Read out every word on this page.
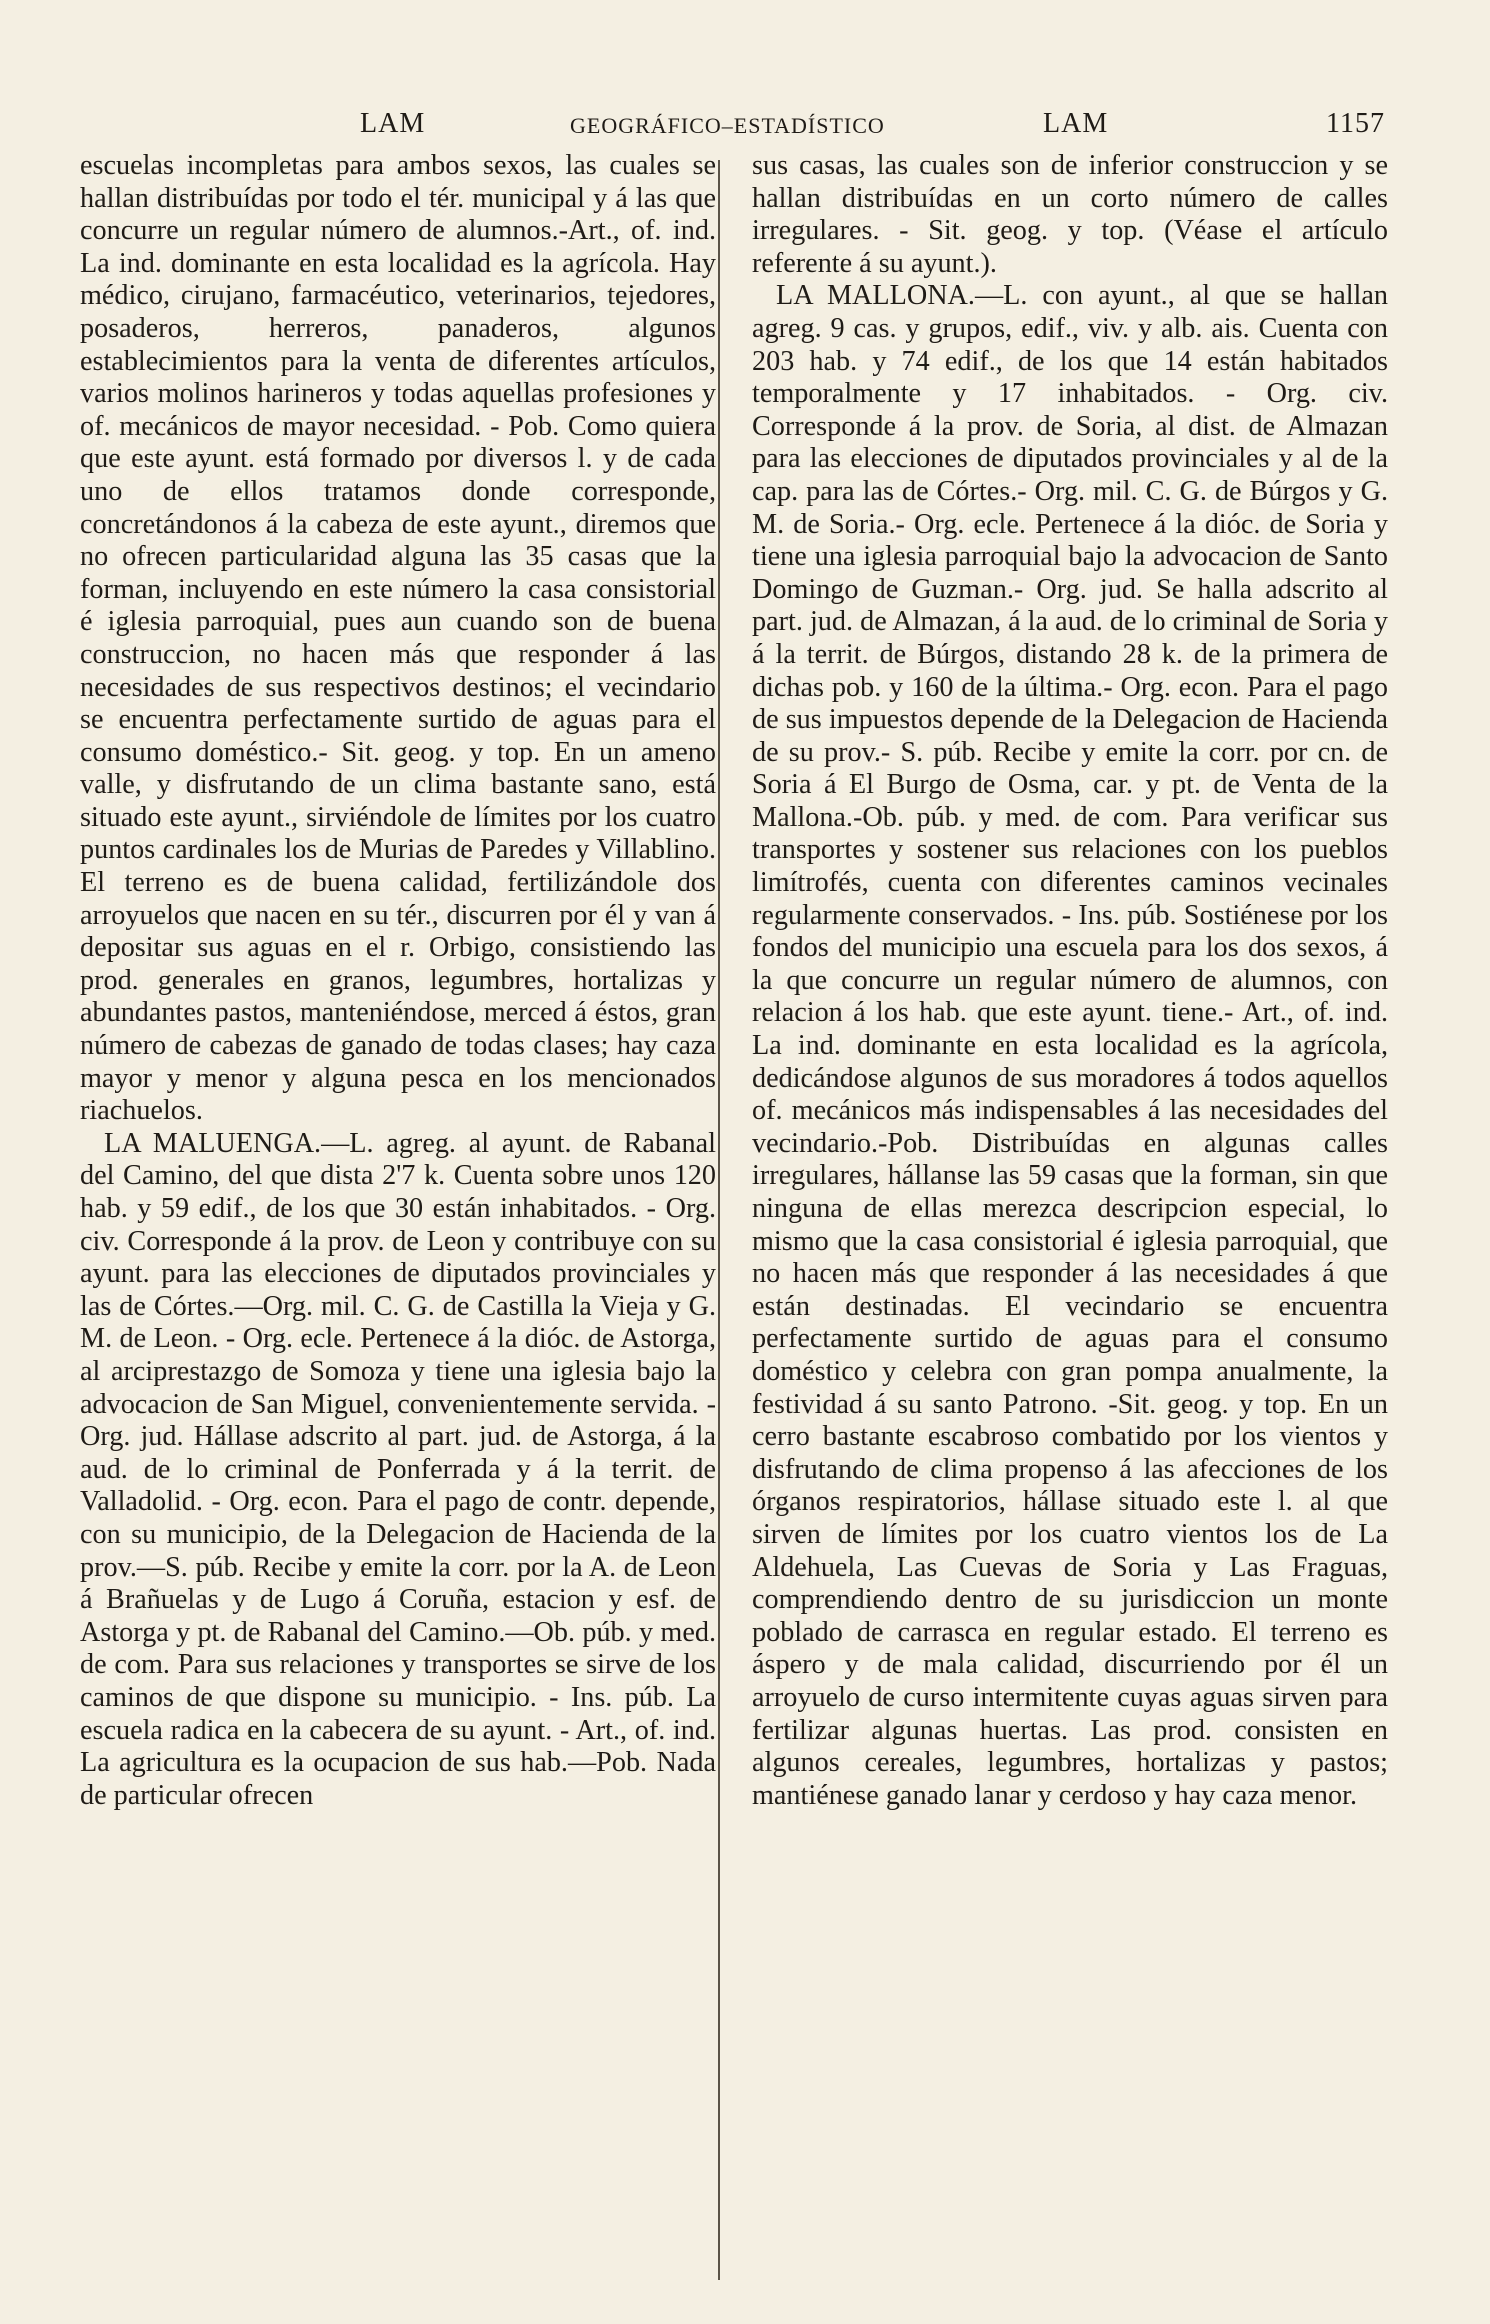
LAM	GEOGRÁFICO–ESTADÍSTICO	LAM	1157

escuelas incompletas para ambos sexos, las cuales se hallan distribuídas por todo el tér. municipal y á las que concurre un regular número de alumnos.-Art., of. ind. La ind. dominante en esta localidad es la agrícola. Hay médico, cirujano, farmacéutico, veterinarios, tejedores, posaderos, herreros, panaderos, algunos establecimientos para la venta de diferentes artículos, varios molinos harineros y todas aquellas profesiones y of. mecánicos de mayor necesidad. - Pob. Como quiera que este ayunt. está formado por diversos l. y de cada uno de ellos tratamos donde corresponde, concretándonos á la cabeza de este ayunt., diremos que no ofrecen particularidad alguna las 35 casas que la forman, incluyendo en este número la casa consistorial é iglesia parroquial, pues aun cuando son de buena construccion, no hacen más que responder á las necesidades de sus respectivos destinos; el vecindario se encuentra perfectamente surtido de aguas para el consumo doméstico.- Sit. geog. y top. En un ameno valle, y disfrutando de un clima bastante sano, está situado este ayunt., sirviéndole de límites por los cuatro puntos cardinales los de Murias de Paredes y Villablino. El terreno es de buena calidad, fertilizándole dos arroyuelos que nacen en su tér., discurren por él y van á depositar sus aguas en el r. Orbigo, consistiendo las prod. generales en granos, legumbres, hortalizas y abundantes pastos, manteniéndose, merced á éstos, gran número de cabezas de ganado de todas clases; hay caza mayor y menor y alguna pesca en los mencionados riachuelos.

LA MALUENGA.—L. agreg. al ayunt. de Rabanal del Camino, del que dista 2'7 k. Cuenta sobre unos 120 hab. y 59 edif., de los que 30 están inhabitados. - Org. civ. Corresponde á la prov. de Leon y contribuye con su ayunt. para las elecciones de diputados provinciales y las de Córtes.—Org. mil. C. G. de Castilla la Vieja y G. M. de Leon. - Org. ecle. Pertenece á la dióc. de Astorga, al arciprestazgo de Somoza y tiene una iglesia bajo la advocacion de San Miguel, convenientemente servida. - Org. jud. Hállase adscrito al part. jud. de Astorga, á la aud. de lo criminal de Ponferrada y á la territ. de Valladolid. - Org. econ. Para el pago de contr. depende, con su municipio, de la Delegacion de Hacienda de la prov.—S. púb. Recibe y emite la corr. por la A. de Leon á Brañuelas y de Lugo á Coruña, estacion y esf. de Astorga y pt. de Rabanal del Camino.—Ob. púb. y med. de com. Para sus relaciones y transportes se sirve de los caminos de que dispone su municipio. - Ins. púb. La escuela radica en la cabecera de su ayunt. - Art., of. ind. La agricultura es la ocupacion de sus hab.—Pob. Nada de particular ofrecen

sus casas, las cuales son de inferior construccion y se hallan distribuídas en un corto número de calles irregulares. - Sit. geog. y top. (Véase el artículo referente á su ayunt.).

LA MALLONA.—L. con ayunt., al que se hallan agreg. 9 cas. y grupos, edif., viv. y alb. ais. Cuenta con 203 hab. y 74 edif., de los que 14 están habitados temporalmente y 17 inhabitados. - Org. civ. Corresponde á la prov. de Soria, al dist. de Almazan para las elecciones de diputados provinciales y al de la cap. para las de Córtes.- Org. mil. C. G. de Búrgos y G. M. de Soria.- Org. ecle. Pertenece á la dióc. de Soria y tiene una iglesia parroquial bajo la advocacion de Santo Domingo de Guzman.- Org. jud. Se halla adscrito al part. jud. de Almazan, á la aud. de lo criminal de Soria y á la territ. de Búrgos, distando 28 k. de la primera de dichas pob. y 160 de la última.- Org. econ. Para el pago de sus impuestos depende de la Delegacion de Hacienda de su prov.- S. púb. Recibe y emite la corr. por cn. de Soria á El Burgo de Osma, car. y pt. de Venta de la Mallona.-Ob. púb. y med. de com. Para verificar sus transportes y sostener sus relaciones con los pueblos limítrofés, cuenta con diferentes caminos vecinales regularmente conservados. - Ins. púb. Sostiénese por los fondos del municipio una escuela para los dos sexos, á la que concurre un regular número de alumnos, con relacion á los hab. que este ayunt. tiene.- Art., of. ind. La ind. dominante en esta localidad es la agrícola, dedicándose algunos de sus moradores á todos aquellos of. mecánicos más indispensables á las necesidades del vecindario.-Pob. Distribuídas en algunas calles irregulares, hállanse las 59 casas que la forman, sin que ninguna de ellas merezca descripcion especial, lo mismo que la casa consistorial é iglesia parroquial, que no hacen más que responder á las necesidades á que están destinadas. El vecindario se encuentra perfectamente surtido de aguas para el consumo doméstico y celebra con gran pompa anualmente, la festividad á su santo Patrono. -Sit. geog. y top. En un cerro bastante escabroso combatido por los vientos y disfrutando de clima propenso á las afecciones de los órganos respiratorios, hállase situado este l. al que sirven de límites por los cuatro vientos los de La Aldehuela, Las Cuevas de Soria y Las Fraguas, comprendiendo dentro de su jurisdiccion un monte poblado de carrasca en regular estado. El terreno es áspero y de mala calidad, discurriendo por él un arroyuelo de curso intermitente cuyas aguas sirven para fertilizar algunas huertas. Las prod. consisten en algunos cereales, legumbres, hortalizas y pastos; mantiénese ganado lanar y cerdoso y hay caza menor.
